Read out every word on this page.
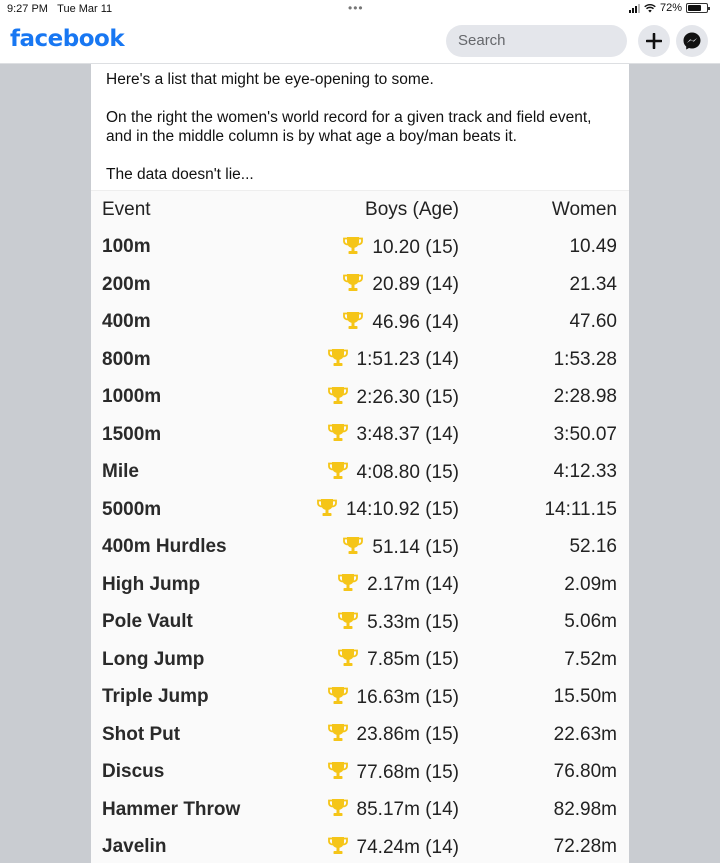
9:27 PM Tue Mar 11	•••	72%
facebook	Search

Here's a list that might be eye-opening to some.

On the right the women's world record for a given track and field event, and in the middle column is by what age a boy/man beats it.

The data doesn't lie...

Event	Boys (Age)	Women
100m	10.20 (15)	10.49
200m	20.89 (14)	21.34
400m	46.96 (14)	47.60
800m	1:51.23 (14)	1:53.28
1000m	2:26.30 (15)	2:28.98
1500m	3:48.37 (14)	3:50.07
Mile	4:08.80 (15)	4:12.33
5000m	14:10.92 (15)	14:11.15
400m Hurdles	51.14 (15)	52.16
High Jump	2.17m (14)	2.09m
Pole Vault	5.33m (15)	5.06m
Long Jump	7.85m (15)	7.52m
Triple Jump	16.63m (15)	15.50m
Shot Put	23.86m (15)	22.63m
Discus	77.68m (15)	76.80m
Hammer Throw	85.17m (14)	82.98m
Javelin	74.24m (14)	72.28m
